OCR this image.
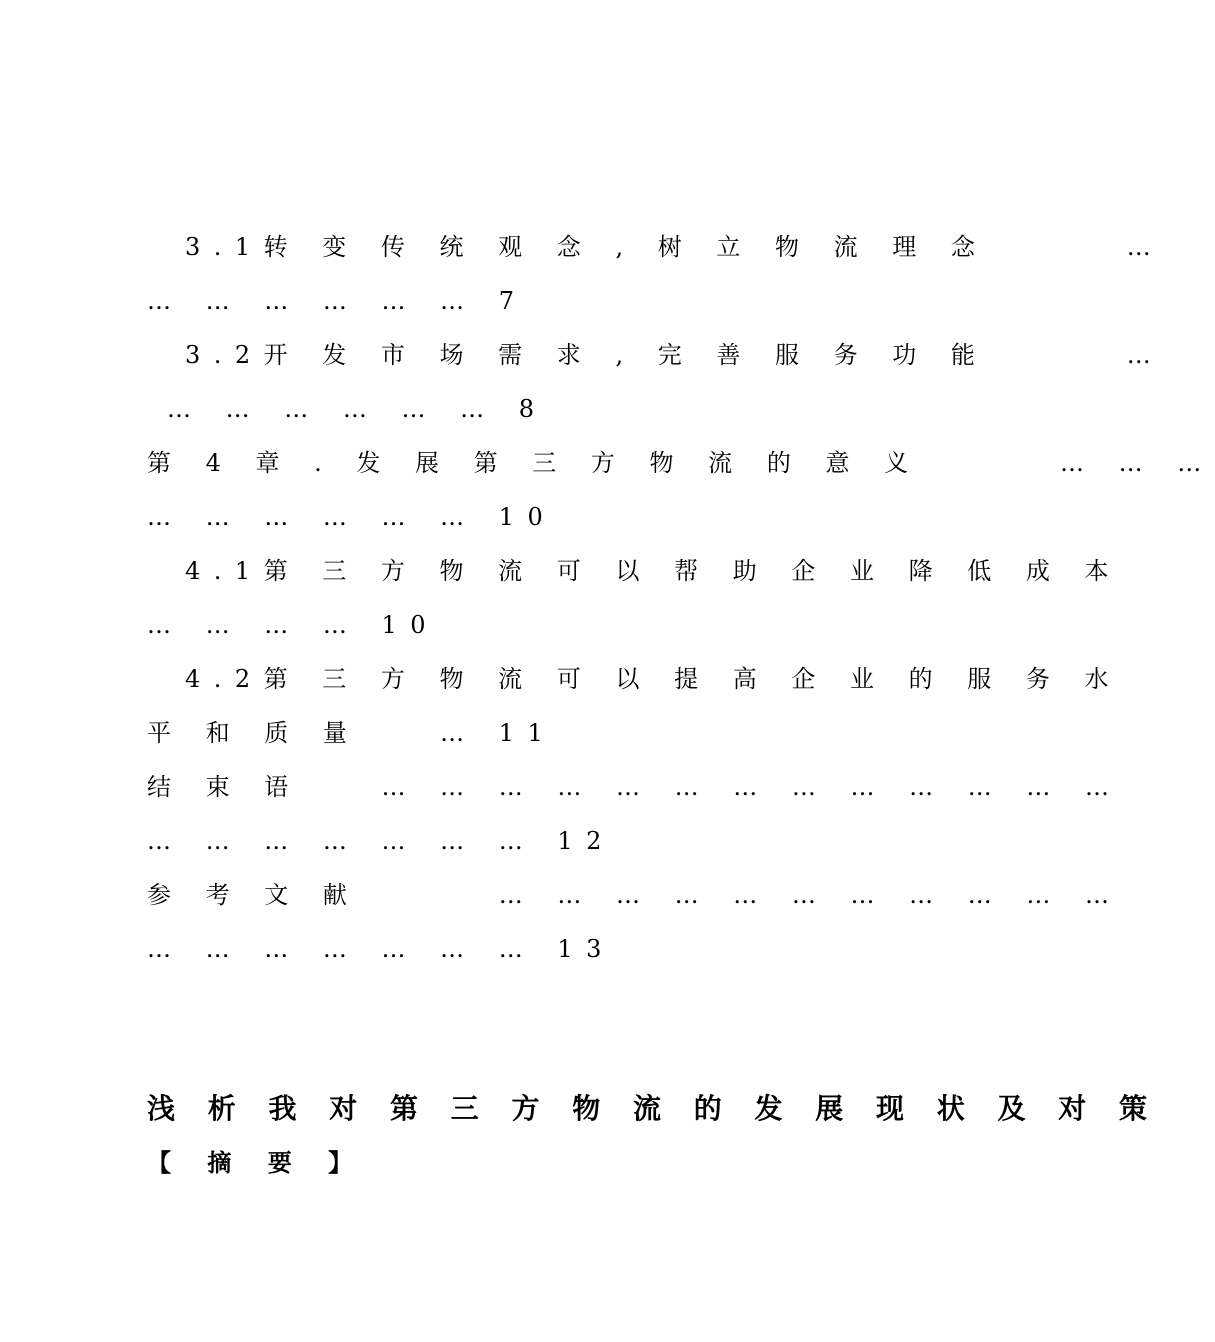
3.1转 变 传 统 观 念 , 树 立 物 流 理 念 　 　 …
… … … … … … 7
3.2开 发 市 场 需 求 , 完 善 服 务 功 能 　 　 …
… … … … … … 8
第 4 章 . 发 展 第 三 方 物 流 的 意 义 　 　 … … …
… … … … … … 10
4.1第 三 方 物 流 可 以 帮 助 企 业 降 低 成 本
… … … … 10
4.2第 三 方 物 流 可 以 提 高 企 业 的 服 务 水
平 和 质 量 　 … 11
结 束 语 　 … … … … … … … … … … … … …
… … … … … … … 12
参 考 文 献 　 　 … … … … … … … … … … …
… … … … … … … 13
浅 析 我 对 第 三 方 物 流 的 发 展 现 状 及 对 策
【 摘 要 】
